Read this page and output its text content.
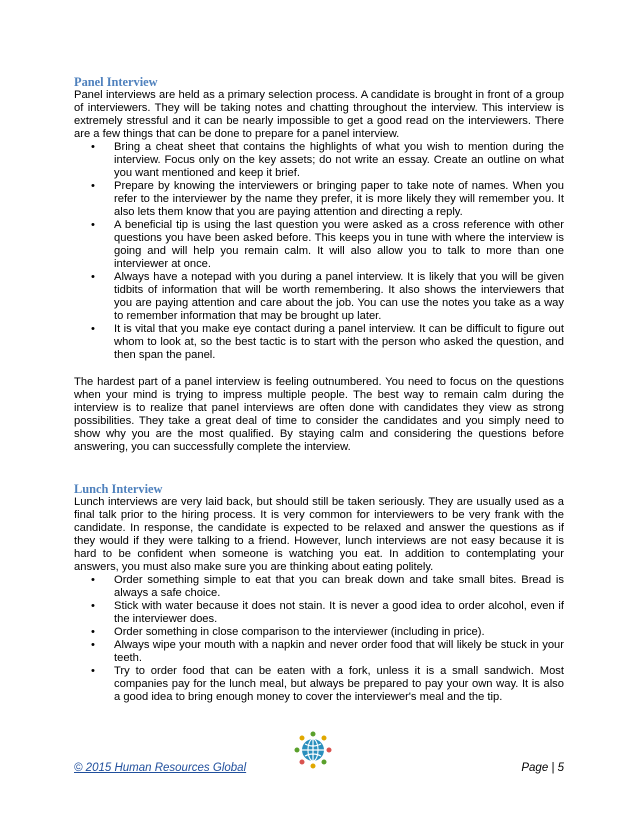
Panel Interview

Panel interviews are held as a primary selection process. A candidate is brought in front of a group of interviewers. They will be taking notes and chatting throughout the interview. This interview is extremely stressful and it can be nearly impossible to get a good read on the interviewers. There are a few things that can be done to prepare for a panel interview.

• Bring a cheat sheet that contains the highlights of what you wish to mention during the interview. Focus only on the key assets; do not write an essay. Create an outline on what you want mentioned and keep it brief.
• Prepare by knowing the interviewers or bringing paper to take note of names. When you refer to the interviewer by the name they prefer, it is more likely they will remember you. It also lets them know that you are paying attention and directing a reply.
• A beneficial tip is using the last question you were asked as a cross reference with other questions you have been asked before. This keeps you in tune with where the interview is going and will help you remain calm. It will also allow you to talk to more than one interviewer at once.
• Always have a notepad with you during a panel interview. It is likely that you will be given tidbits of information that will be worth remembering. It also shows the interviewers that you are paying attention and care about the job. You can use the notes you take as a way to remember information that may be brought up later.
• It is vital that you make eye contact during a panel interview. It can be difficult to figure out whom to look at, so the best tactic is to start with the person who asked the question, and then span the panel.

The hardest part of a panel interview is feeling outnumbered. You need to focus on the questions when your mind is trying to impress multiple people. The best way to remain calm during the interview is to realize that panel interviews are often done with candidates they view as strong possibilities. They take a great deal of time to consider the candidates and you simply need to show why you are the most qualified. By staying calm and considering the questions before answering, you can successfully complete the interview.

Lunch Interview

Lunch interviews are very laid back, but should still be taken seriously. They are usually used as a final talk prior to the hiring process. It is very common for interviewers to be very frank with the candidate. In response, the candidate is expected to be relaxed and answer the questions as if they would if they were talking to a friend. However, lunch interviews are not easy because it is hard to be confident when someone is watching you eat. In addition to contemplating your answers, you must also make sure you are thinking about eating politely.

• Order something simple to eat that you can break down and take small bites. Bread is always a safe choice.
• Stick with water because it does not stain. It is never a good idea to order alcohol, even if the interviewer does.
• Order something in close comparison to the interviewer (including in price).
• Always wipe your mouth with a napkin and never order food that will likely be stuck in your teeth.
• Try to order food that can be eaten with a fork, unless it is a small sandwich. Most companies pay for the lunch meal, but always be prepared to pay your own way. It is also a good idea to bring enough money to cover the interviewer's meal and the tip.
© 2015 Human Resources Global	Page | 5
